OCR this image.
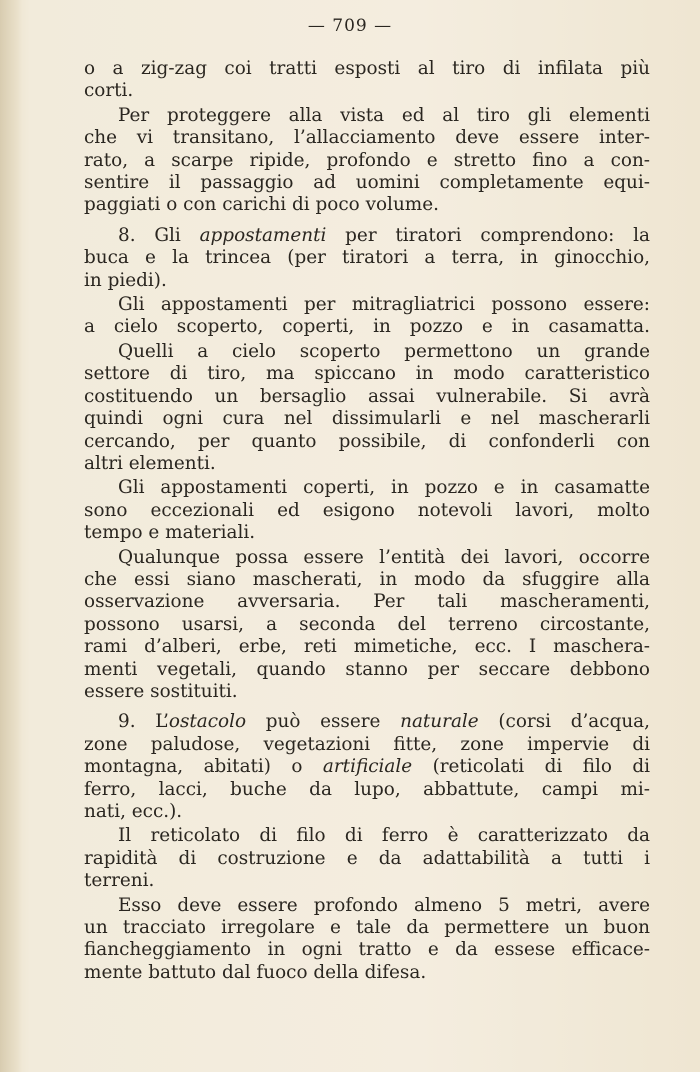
— 709 —
o a zig-zag coi tratti esposti al tiro di infilata più
corti.
Per proteggere alla vista ed al tiro gli elementi
che vi transitano, l’allacciamento deve essere inter-
rato, a scarpe ripide, profondo e stretto fino a con-
sentire il passaggio ad uomini completamente equi-
paggiati o con carichi di poco volume.
8. Gli appostamenti per tiratori comprendono: la
buca e la trincea (per tiratori a terra, in ginocchio,
in piedi).
Gli appostamenti per mitragliatrici possono essere:
a cielo scoperto, coperti, in pozzo e in casamatta.
Quelli a cielo scoperto permettono un grande
settore di tiro, ma spiccano in modo caratteristico
costituendo un bersaglio assai vulnerabile. Si avrà
quindi ogni cura nel dissimularli e nel mascherarli
cercando, per quanto possibile, di confonderli con
altri elementi.
Gli appostamenti coperti, in pozzo e in casamatte
sono eccezionali ed esigono notevoli lavori, molto
tempo e materiali.
Qualunque possa essere l’entità dei lavori, occorre
che essi siano mascherati, in modo da sfuggire alla
osservazione avversaria. Per tali mascheramenti,
possono usarsi, a seconda del terreno circostante,
rami d’alberi, erbe, reti mimetiche, ecc. I maschera-
menti vegetali, quando stanno per seccare debbono
essere sostituiti.
9. L’ostacolo può essere naturale (corsi d’acqua,
zone paludose, vegetazioni fitte, zone impervie di
montagna, abitati) o artificiale (reticolati di filo di
ferro, lacci, buche da lupo, abbattute, campi mi-
nati, ecc.).
Il reticolato di filo di ferro è caratterizzato da
rapidità di costruzione e da adattabilità a tutti i
terreni.
Esso deve essere profondo almeno 5 metri, avere
un tracciato irregolare e tale da permettere un buon
fiancheggiamento in ogni tratto e da essese efficace-
mente battuto dal fuoco della difesa.
